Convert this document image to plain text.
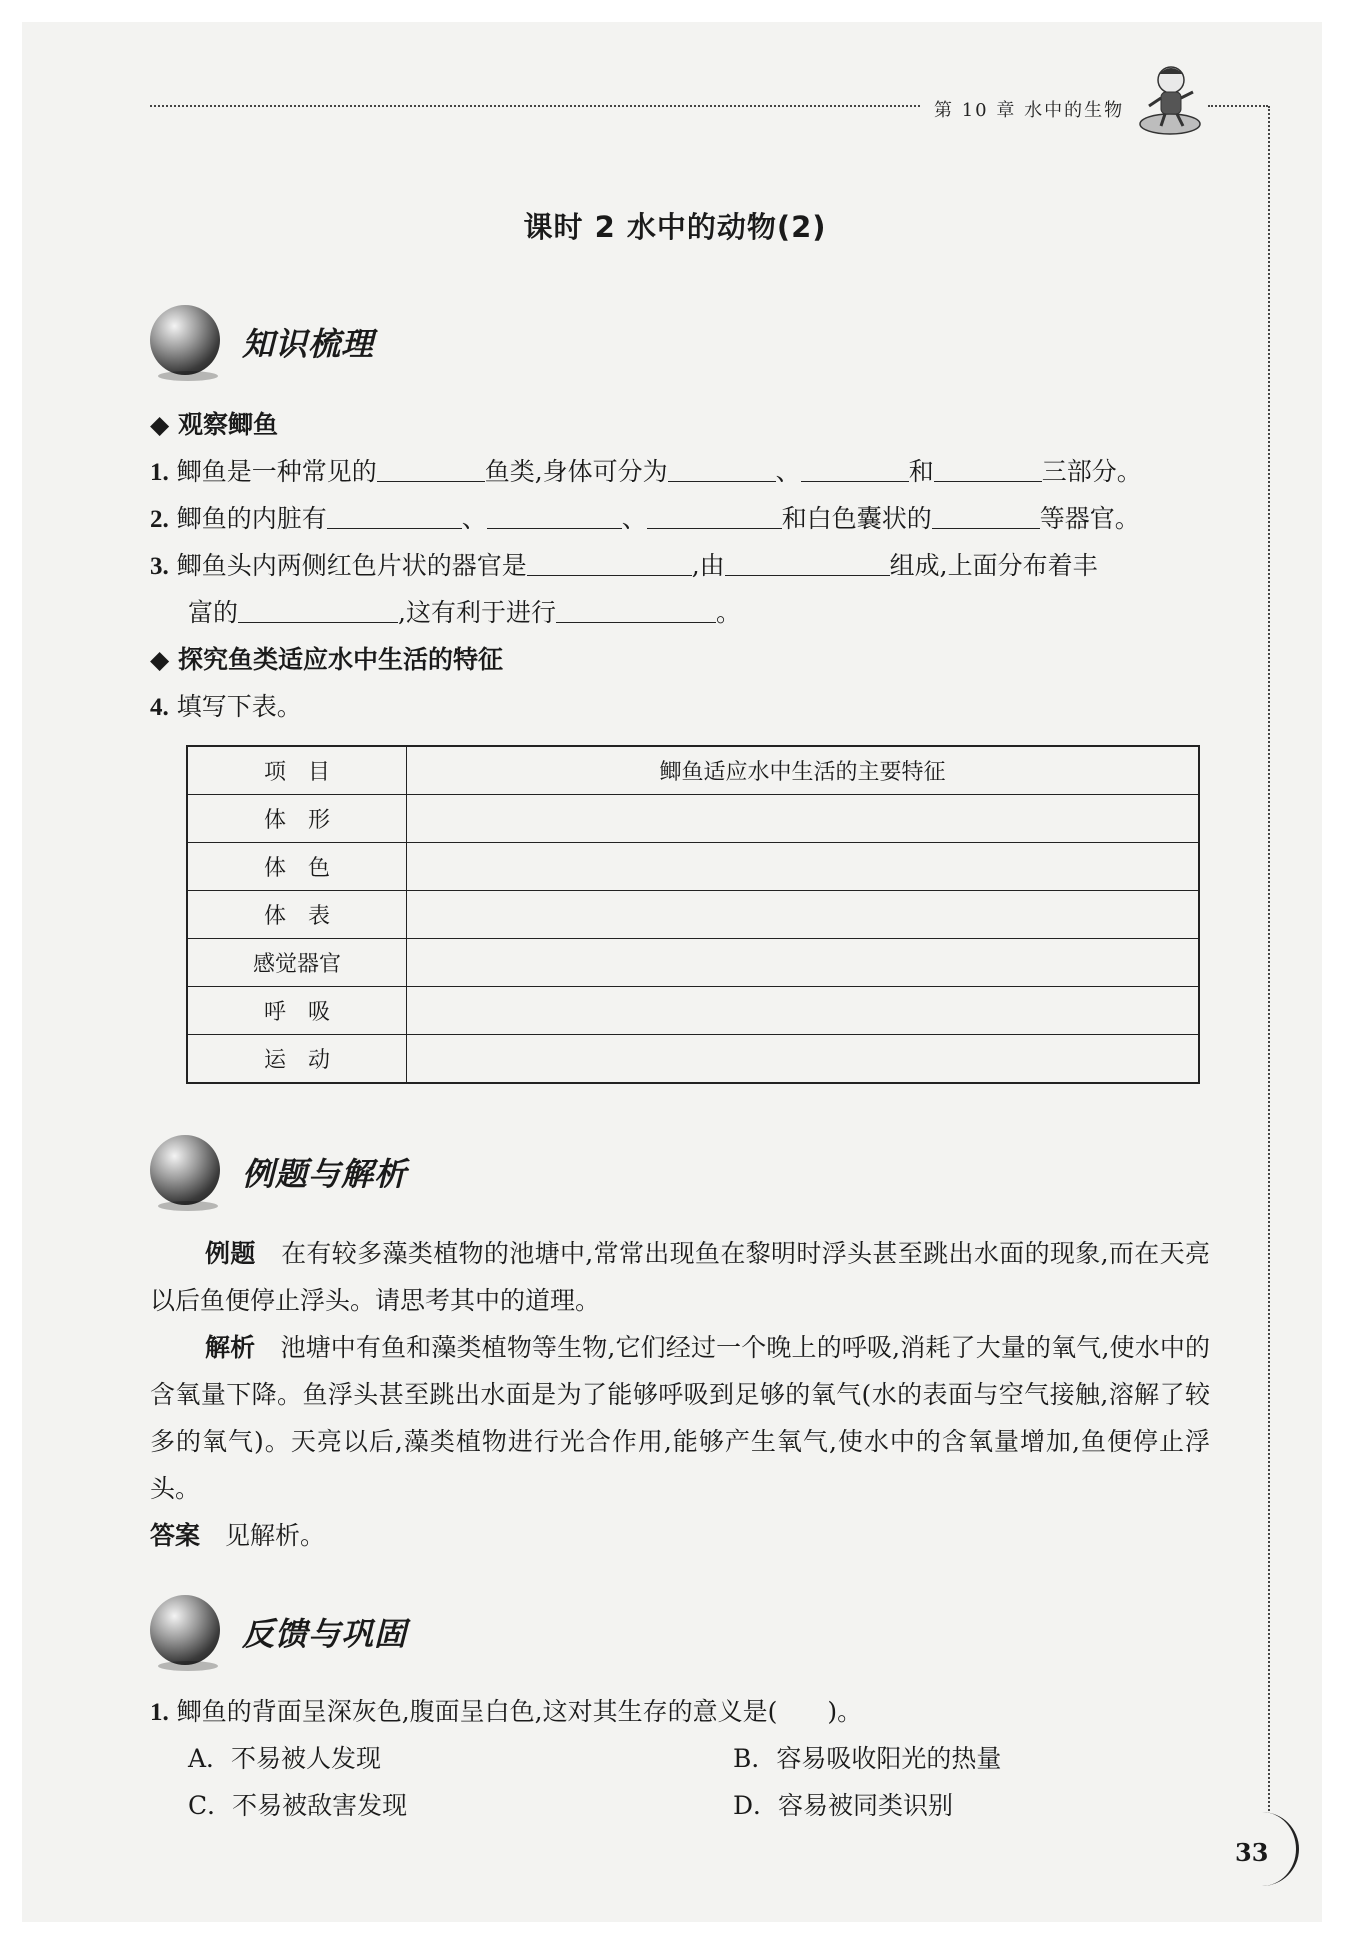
第 10 章 水中的生物
课时 2 水中的动物(2)
知识梳理
◆ 观察鲫鱼
1. 鲫鱼是一种常见的	鱼类,身体可分为	、	和	三部分。
2. 鲫鱼的内脏有	、	、	和白色囊状的	等器官。
3. 鲫鱼头内两侧红色片状的器官是	,由	组成,上面分布着丰
富的	,这有利于进行	。
◆ 探究鱼类适应水中生活的特征
4. 填写下表。
项　目	鲫鱼适应水中生活的主要特征
体　形	
体　色	
体　表	
感觉器官	
呼　吸	
运　动	
例题与解析
例题　 在有较多藻类植物的池塘中,常常出现鱼在黎明时浮头甚至跳出水面的现象,而在天亮以后鱼便停止浮头。请思考其中的道理。
解析　 池塘中有鱼和藻类植物等生物,它们经过一个晚上的呼吸,消耗了大量的氧气,使水中的含氧量下降。鱼浮头甚至跳出水面是为了能够呼吸到足够的氧气(水的表面与空气接触,溶解了较多的氧气)。天亮以后,藻类植物进行光合作用,能够产生氧气,使水中的含氧量增加,鱼便停止浮头。
答案　 见解析。
反馈与巩固
1. 鲫鱼的背面呈深灰色,腹面呈白色,这对其生存的意义是(　　)。
A．不易被人发现	B．容易吸收阳光的热量
C．不易被敌害发现	D．容易被同类识别
33
